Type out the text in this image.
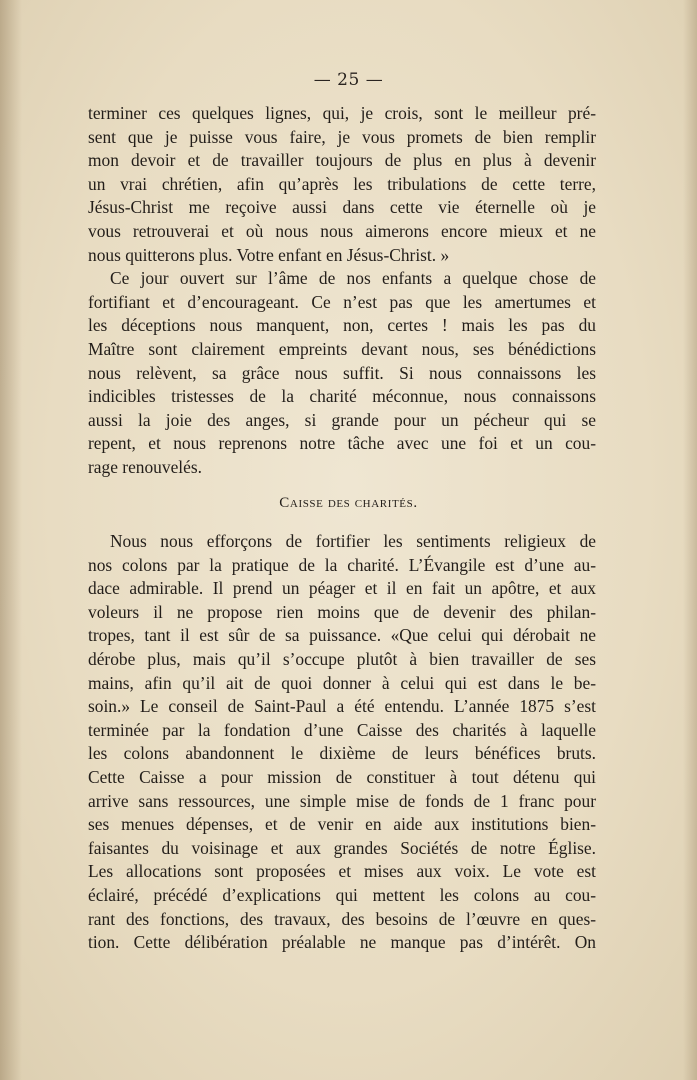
— 25 —
terminer ces quelques lignes, qui, je crois, sont le meilleur pré-
sent que je puisse vous faire, je vous promets de bien remplir
mon devoir et de travailler toujours de plus en plus à devenir
un vrai chrétien, afin qu’après les tribulations de cette terre,
Jésus-Christ me reçoive aussi dans cette vie éternelle où je
vous retrouverai et où nous nous aimerons encore mieux et ne
nous quitterons plus. Votre enfant en Jésus-Christ. »
Ce jour ouvert sur l’âme de nos enfants a quelque chose de
fortifiant et d’encourageant. Ce n’est pas que les amertumes et
les déceptions nous manquent, non, certes ! mais les pas du
Maître sont clairement empreints devant nous, ses bénédictions
nous relèvent, sa grâce nous suffit. Si nous connaissons les
indicibles tristesses de la charité méconnue, nous connaissons
aussi la joie des anges, si grande pour un pécheur qui se
repent, et nous reprenons notre tâche avec une foi et un cou-
rage renouvelés.
Caisse des charités.
Nous nous efforçons de fortifier les sentiments religieux de
nos colons par la pratique de la charité. L’Évangile est d’une au-
dace admirable. Il prend un péager et il en fait un apôtre, et aux
voleurs il ne propose rien moins que de devenir des philan-
tropes, tant il est sûr de sa puissance. «Que celui qui dérobait ne
dérobe plus, mais qu’il s’occupe plutôt à bien travailler de ses
mains, afin qu’il ait de quoi donner à celui qui est dans le be-
soin.» Le conseil de Saint-Paul a été entendu. L’année 1875 s’est
terminée par la fondation d’une Caisse des charités à laquelle
les colons abandonnent le dixième de leurs bénéfices bruts.
Cette Caisse a pour mission de constituer à tout détenu qui
arrive sans ressources, une simple mise de fonds de 1 franc pour
ses menues dépenses, et de venir en aide aux institutions bien-
faisantes du voisinage et aux grandes Sociétés de notre Église.
Les allocations sont proposées et mises aux voix. Le vote est
éclairé, précédé d’explications qui mettent les colons au cou-
rant des fonctions, des travaux, des besoins de l’œuvre en ques-
tion. Cette délibération préalable ne manque pas d’intérêt. On
